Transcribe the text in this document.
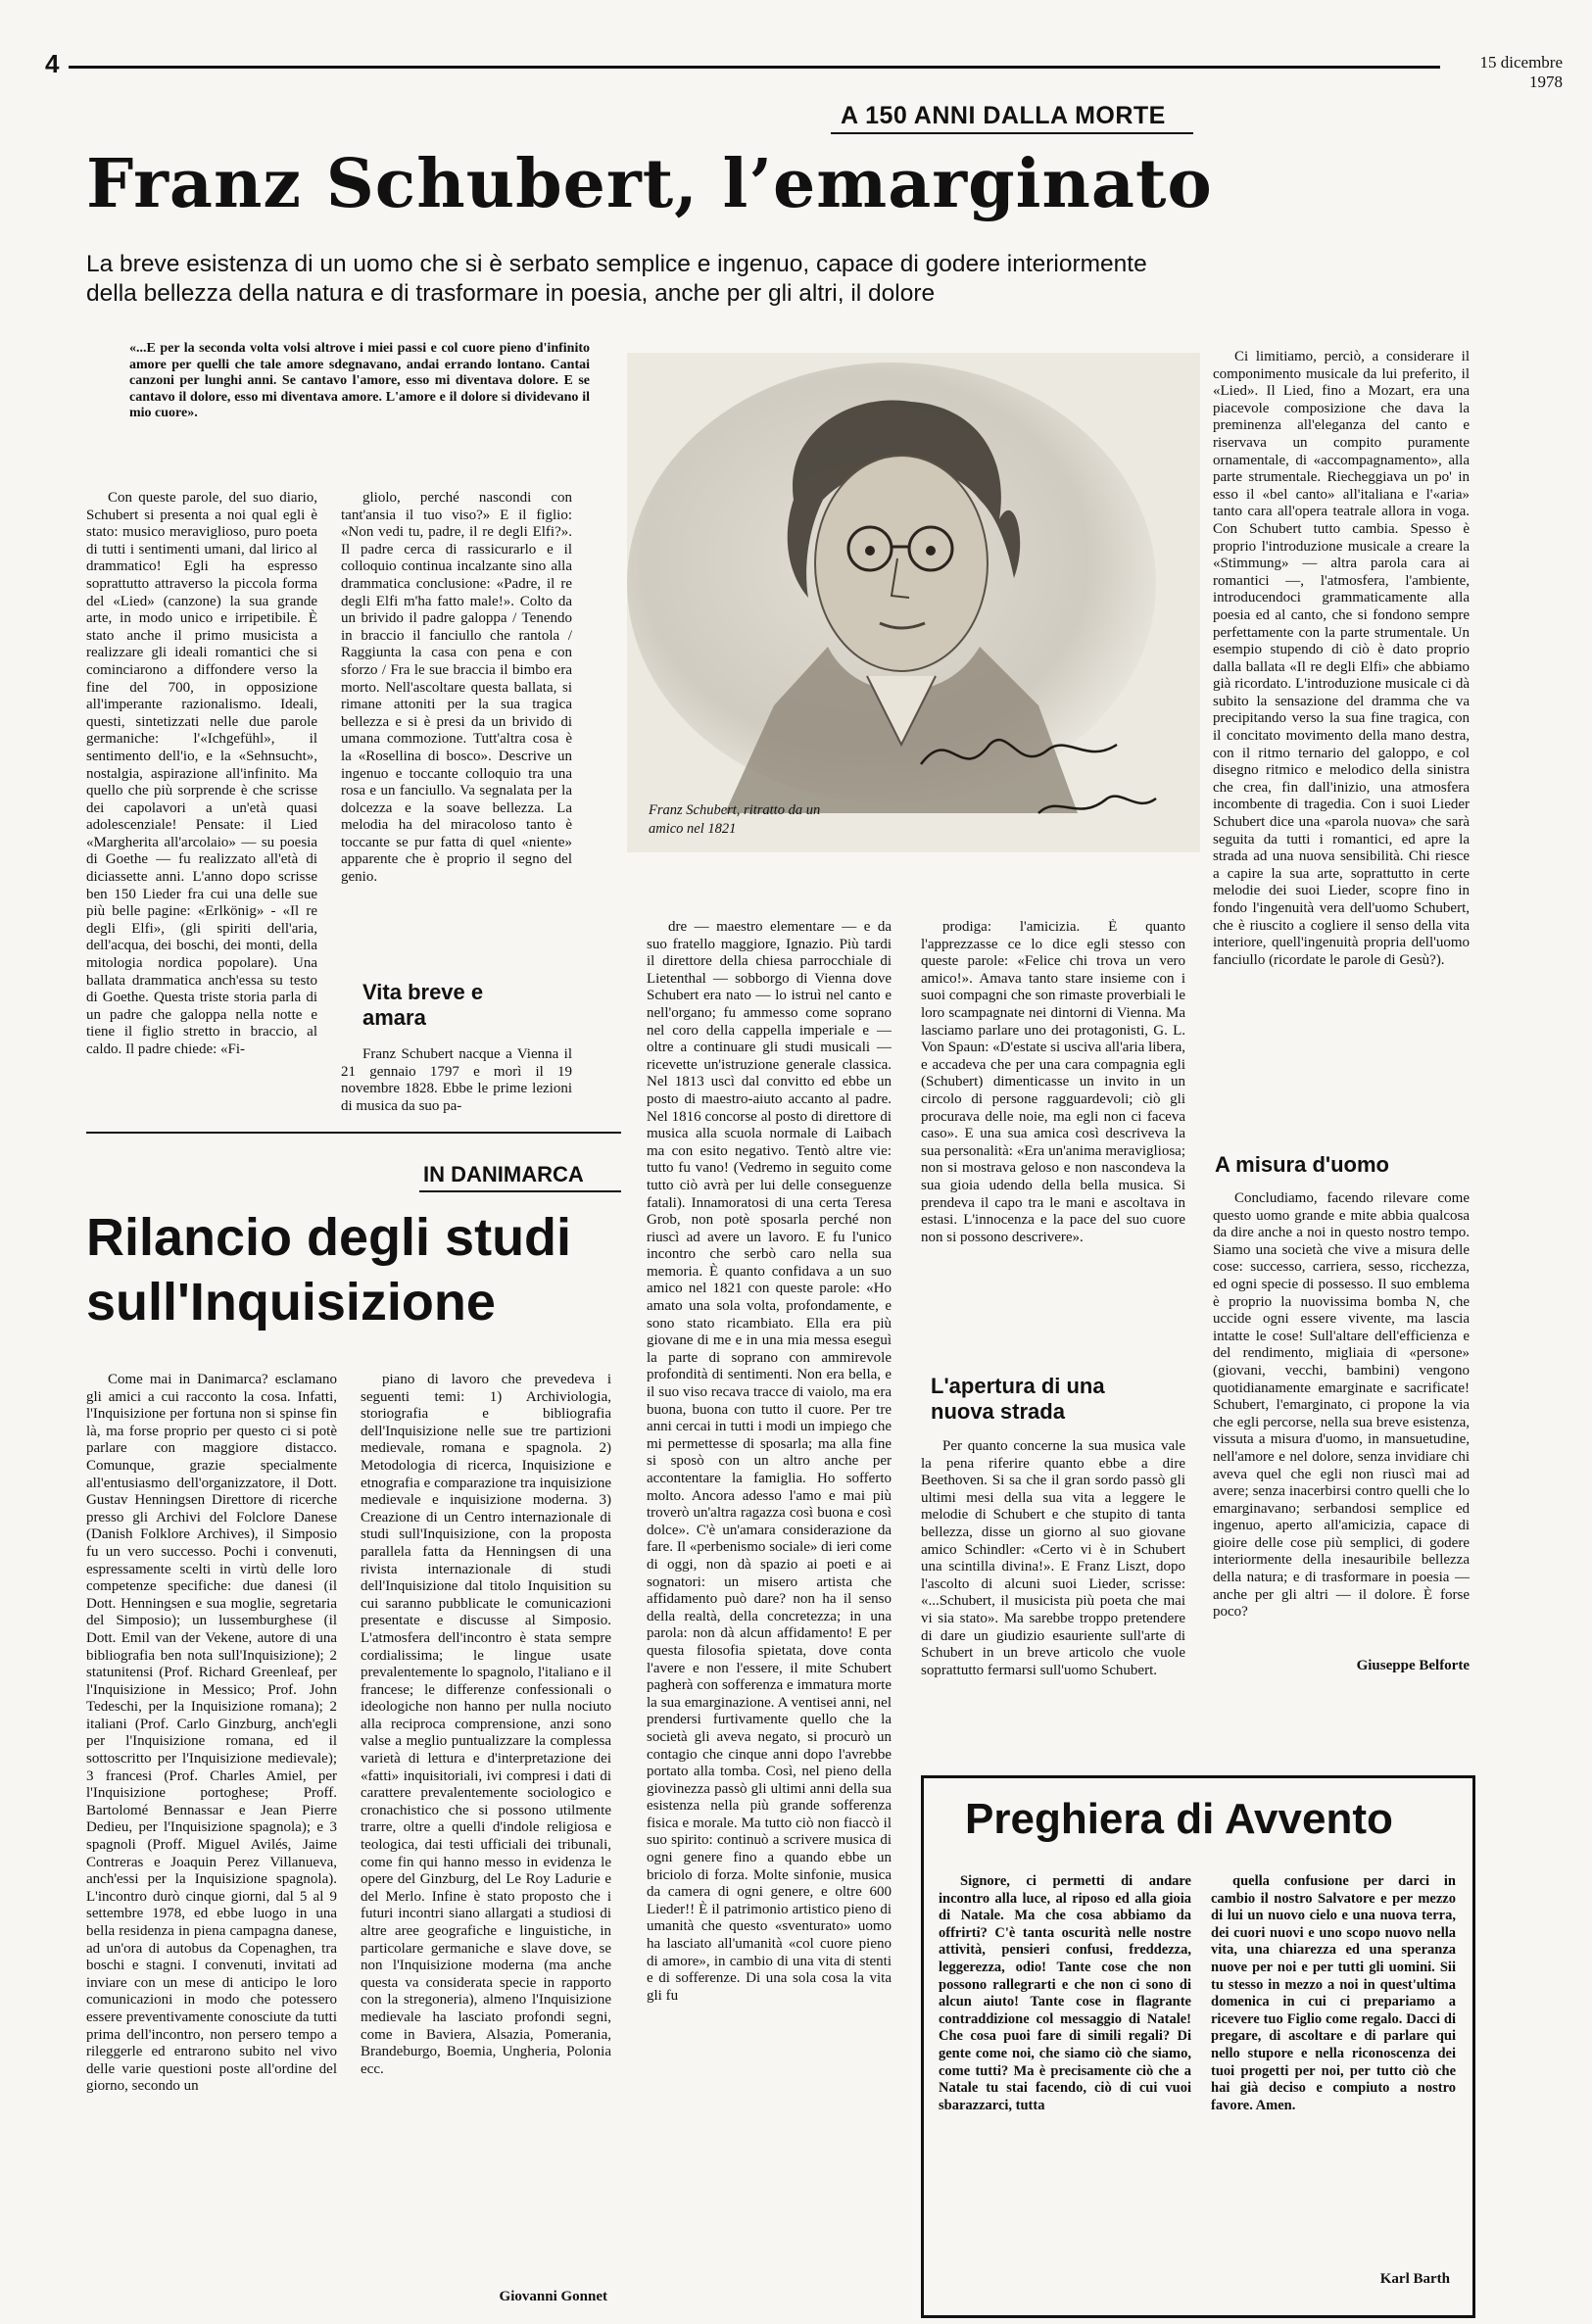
4	15 dicembre 1978
A 150 ANNI DALLA MORTE
Franz Schubert, l’emarginato
La breve esistenza di un uomo che si è serbato semplice e ingenuo, capace di godere interiormente della bellezza della natura e di trasformare in poesia, anche per gli altri, il dolore
«...E per la seconda volta volsi altrove i miei passi e col cuore pieno d'infinito amore per quelli che tale amore sdegnavano, andai errando lontano. Cantai canzoni per lunghi anni. Se cantavo l'amore, esso mi diventava dolore. E se cantavo il dolore, esso mi diventava amore. L'amore e il dolore si dividevano il mio cuore».

Con queste parole, del suo diario, Schubert si presenta a noi qual egli è stato: musico meraviglioso, puro poeta di tutti i sentimenti umani, dal lirico al drammatico! Egli ha espresso soprattutto attraverso la piccola forma del «Lied» (canzone) la sua grande arte, in modo unico e irripetibile. È stato anche il primo musicista a realizzare gli ideali romantici che si cominciarono a diffondere verso la fine del 700, in opposizione all'imperante razionalismo. Ideali, questi, sintetizzati nelle due parole germaniche: l'«Ichgefühl», il sentimento dell'io, e la «Sehnsucht», nostalgia, aspirazione all'infinito. Ma quello che più sorprende è che scrisse dei capolavori a un'età quasi adolescenziale! Pensate: il Lied «Margherita all'arcolaio» — su poesia di Goethe — fu realizzato all'età di diciassette anni. L'anno dopo scrisse ben 150 Lieder fra cui una delle sue più belle pagine: «Erlkönig» - «Il re degli Elfi», (gli spiriti dell'aria, dell'acqua, dei boschi, dei monti, della mitologia nordica popolare). Una ballata drammatica anch'essa su testo di Goethe. Questa triste storia parla di un padre che galoppa nella notte e tiene il figlio stretto in braccio, al caldo. Il padre chiede: «Fi-

gliolo, perché nascondi con tant'ansia il tuo viso?» E il figlio: «Non vedi tu, padre, il re degli Elfi?». Il padre cerca di rassicurarlo e il colloquio continua incalzante sino alla drammatica conclusione: «Padre, il re degli Elfi m'ha fatto male!». Colto da un brivido il padre galoppa / Tenendo in braccio il fanciullo che rantola / Raggiunta la casa con pena e con sforzo / Fra le sue braccia il bimbo era morto. Nell'ascoltare questa ballata, si rimane attoniti per la sua tragica bellezza e si è presi da un brivido di umana commozione. Tutt'altra cosa è la «Rosellina di bosco». Descrive un ingenuo e toccante colloquio tra una rosa e un fanciullo. Va segnalata per la dolcezza e la soave bellezza. La melodia ha del miracoloso tanto è toccante se pur fatta di quel «niente» apparente che è proprio il segno del genio.

Vita breve e amara

Franz Schubert nacque a Vienna il 21 gennaio 1797 e morì il 19 novembre 1828. Ebbe le prime lezioni di musica da suo pa-

Franz Schubert, ritratto da un amico nel 1821

dre — maestro elementare — e da suo fratello maggiore, Ignazio. Più tardi il direttore della chiesa parrocchiale di Lietenthal — sobborgo di Vienna dove Schubert era nato — lo istruì nel canto e nell'organo; fu ammesso come soprano nel coro della cappella imperiale e — oltre a continuare gli studi musicali — ricevette un'istruzione generale classica. Nel 1813 uscì dal convitto ed ebbe un posto di maestro-aiuto accanto al padre. Nel 1816 concorse al posto di direttore di musica alla scuola normale di Laibach ma con esito negativo. Tentò altre vie: tutto fu vano! (Vedremo in seguito come tutto ciò avrà per lui delle conseguenze fatali). Innamoratosi di una certa Teresa Grob, non potè sposarla perché non riuscì ad avere un lavoro. E fu l'unico incontro che serbò caro nella sua memoria. È quanto confidava a un suo amico nel 1821 con queste parole: «Ho amato una sola volta, profondamente, e sono stato ricambiato. Ella era più giovane di me e in una mia messa eseguì la parte di soprano con ammirevole profondità di sentimenti. Non era bella, e il suo viso recava tracce di vaiolo, ma era buona, buona con tutto il cuore. Per tre anni cercai in tutti i modi un impiego che mi permettesse di sposarla; ma alla fine si sposò con un altro anche per accontentare la famiglia. Ho sofferto molto. Ancora adesso l'amo e mai più troverò un'altra ragazza così buona e così dolce». C'è un'amara considerazione da fare. Il «perbenismo sociale» di ieri come di oggi, non dà spazio ai poeti e ai sognatori: un misero artista che affidamento può dare? non ha il senso della realtà, della concretezza; in una parola: non dà alcun affidamento! E per questa filosofia spietata, dove conta l'avere e non l'essere, il mite Schubert pagherà con sofferenza e immatura morte la sua emarginazione. A ventisei anni, nel prendersi furtivamente quello che la società gli aveva negato, si procurò un contagio che cinque anni dopo l'avrebbe portato alla tomba. Così, nel pieno della giovinezza passò gli ultimi anni della sua esistenza nella più grande sofferenza fisica e morale. Ma tutto ciò non fiaccò il suo spirito: continuò a scrivere musica di ogni genere fino a quando ebbe un briciolo di forza. Molte sinfonie, musica da camera di ogni genere, e oltre 600 Lieder!! È il patrimonio artistico pieno di umanità che questo «sventurato» uomo ha lasciato all'umanità «col cuore pieno di amore», in cambio di una vita di stenti e di sofferenze. Di una sola cosa la vita gli fu

prodiga: l'amicizia. È quanto l'apprezzasse ce lo dice egli stesso con queste parole: «Felice chi trova un vero amico!». Amava tanto stare insieme con i suoi compagni che son rimaste proverbiali le loro scampagnate nei dintorni di Vienna. Ma lasciamo parlare uno dei protagonisti, G. L. Von Spaun: «D'estate si usciva all'aria libera, e accadeva che per una cara compagnia egli (Schubert) dimenticasse un invito in un circolo di persone ragguardevoli; ciò gli procurava delle noie, ma egli non ci faceva caso». E una sua amica così descriveva la sua personalità: «Era un'anima meravigliosa; non si mostrava geloso e non nascondeva la sua gioia udendo della bella musica. Si prendeva il capo tra le mani e ascoltava in estasi. L'innocenza e la pace del suo cuore non si possono descrivere».

L'apertura di una nuova strada

Per quanto concerne la sua musica vale la pena riferire quanto ebbe a dire Beethoven. Si sa che il gran sordo passò gli ultimi mesi della sua vita a leggere le melodie di Schubert e che stupito di tanta bellezza, disse un giorno al suo giovane amico Schindler: «Certo vi è in Schubert una scintilla divina!». E Franz Liszt, dopo l'ascolto di alcuni suoi Lieder, scrisse: «...Schubert, il musicista più poeta che mai vi sia stato». Ma sarebbe troppo pretendere di dare un giudizio esauriente sull'arte di Schubert in un breve articolo che vuole soprattutto fermarsi sull'uomo Schubert.

Ci limitiamo, perciò, a considerare il componimento musicale da lui preferito, il «Lied». Il Lied, fino a Mozart, era una piacevole composizione che dava la preminenza all'eleganza del canto e riservava un compito puramente ornamentale, di «accompagnamento», alla parte strumentale. Riecheggiava un po' in esso il «bel canto» all'italiana e l'«aria» tanto cara all'opera teatrale allora in voga. Con Schubert tutto cambia. Spesso è proprio l'introduzione musicale a creare la «Stimmung» — altra parola cara ai romantici —, l'atmosfera, l'ambiente, introducendoci grammaticamente alla poesia ed al canto, che si fondono sempre perfettamente con la parte strumentale. Un esempio stupendo di ciò è dato proprio dalla ballata «Il re degli Elfi» che abbiamo già ricordato. L'introduzione musicale ci dà subito la sensazione del dramma che va precipitando verso la sua fine tragica, con il concitato movimento della mano destra, con il ritmo ternario del galoppo, e col disegno ritmico e melodico della sinistra che crea, fin dall'inizio, una atmosfera incombente di tragedia. Con i suoi Lieder Schubert dice una «parola nuova» che sarà seguita da tutti i romantici, ed apre la strada ad una nuova sensibilità. Chi riesce a capire la sua arte, soprattutto in certe melodie dei suoi Lieder, scopre fino in fondo l'ingenuità vera dell'uomo Schubert, che è riuscito a cogliere il senso della vita interiore, quell'ingenuità propria dell'uomo fanciullo (ricordate le parole di Gesù?).

A misura d'uomo

Concludiamo, facendo rilevare come questo uomo grande e mite abbia qualcosa da dire anche a noi in questo nostro tempo. Siamo una società che vive a misura delle cose: successo, carriera, sesso, ricchezza, ed ogni specie di possesso. Il suo emblema è proprio la nuovissima bomba N, che uccide ogni essere vivente, ma lascia intatte le cose! Sull'altare dell'efficienza e del rendimento, migliaia di «persone» (giovani, vecchi, bambini) vengono quotidianamente emarginate e sacrificate! Schubert, l'emarginato, ci propone la via che egli percorse, nella sua breve esistenza, vissuta a misura d'uomo, in mansuetudine, nell'amore e nel dolore, senza invidiare chi aveva quel che egli non riuscì mai ad avere; senza inacerbirsi contro quelli che lo emarginavano; serbandosi semplice ed ingenuo, aperto all'amicizia, capace di gioire delle cose più semplici, di godere interiormente della inesauribile bellezza della natura; e di trasformare in poesia — anche per gli altri — il dolore. È forse poco?

Giuseppe Belforte
IN DANIMARCA
Rilancio degli studi sull'Inquisizione

Come mai in Danimarca? esclamano gli amici a cui racconto la cosa. Infatti, l'Inquisizione per fortuna non si spinse fin là, ma forse proprio per questo ci si potè parlare con maggiore distacco. Comunque, grazie specialmente all'entusiasmo dell'organizzatore, il Dott. Gustav Henningsen Direttore di ricerche presso gli Archivi del Folclore Danese (Danish Folklore Archives), il Simposio fu un vero successo. Pochi i convenuti, espressamente scelti in virtù delle loro competenze specifiche: due danesi (il Dott. Henningsen e sua moglie, segretaria del Simposio); un lussemburghese (il Dott. Emil van der Vekene, autore di una bibliografia ben nota sull'Inquisizione); 2 statunitensi (Prof. Richard Greenleaf, per l'Inquisizione in Messico; Prof. John Tedeschi, per la Inquisizione romana); 2 italiani (Prof. Carlo Ginzburg, anch'egli per l'Inquisizione romana, ed il sottoscritto per l'Inquisizione medievale); 3 francesi (Prof. Charles Amiel, per l'Inquisizione portoghese; Proff. Bartolomé Bennassar e Jean Pierre Dedieu, per l'Inquisizione spagnola); e 3 spagnoli (Proff. Miguel Avilés, Jaime Contreras e Joaquin Perez Villanueva, anch'essi per la Inquisizione spagnola). L'incontro durò cinque giorni, dal 5 al 9 settembre 1978, ed ebbe luogo in una bella residenza in piena campagna danese, ad un'ora di autobus da Copenaghen, tra boschi e stagni. I convenuti, invitati ad inviare con un mese di anticipo le loro comunicazioni in modo che potessero essere preventivamente conosciute da tutti prima dell'incontro, non persero tempo a rileggerle ed entrarono subito nel vivo delle varie questioni poste all'ordine del giorno, secondo un

piano di lavoro che prevedeva i seguenti temi: 1) Archiviologia, storiografia e bibliografia dell'Inquisizione nelle sue tre partizioni medievale, romana e spagnola. 2) Metodologia di ricerca, Inquisizione e etnografia e comparazione tra inquisizione medievale e inquisizione moderna. 3) Creazione di un Centro internazionale di studi sull'Inquisizione, con la proposta parallela fatta da Henningsen di una rivista internazionale di studi dell'Inquisizione dal titolo Inquisition su cui saranno pubblicate le comunicazioni presentate e discusse al Simposio. L'atmosfera dell'incontro è stata sempre cordialissima; le lingue usate prevalentemente lo spagnolo, l'italiano e il francese; le differenze confessionali o ideologiche non hanno per nulla nociuto alla reciproca comprensione, anzi sono valse a meglio puntualizzare la complessa varietà di lettura e d'interpretazione dei «fatti» inquisitoriali, ivi compresi i dati di carattere prevalentemente sociologico e cronachistico che si possono utilmente trarre, oltre a quelli d'indole religiosa e teologica, dai testi ufficiali dei tribunali, come fin qui hanno messo in evidenza le opere del Ginzburg, del Le Roy Ladurie e del Merlo. Infine è stato proposto che i futuri incontri siano allargati a studiosi di altre aree geografiche e linguistiche, in particolare germaniche e slave dove, se non l'Inquisizione moderna (ma anche questa va considerata specie in rapporto con la stregoneria), almeno l'Inquisizione medievale ha lasciato profondi segni, come in Baviera, Alsazia, Pomerania, Brandeburgo, Boemia, Ungheria, Polonia ecc.

Giovanni Gonnet
Preghiera di Avvento

Signore, ci permetti di andare incontro alla luce, al riposo ed alla gioia di Natale. Ma che cosa abbiamo da offrirti? C'è tanta oscurità nelle nostre attività, pensieri confusi, freddezza, leggerezza, odio! Tante cose che non possono rallegrarti e che non ci sono di alcun aiuto! Tante cose in flagrante contraddizione col messaggio di Natale! Che cosa puoi fare di simili regali? Di gente come noi, che siamo ciò che siamo, come tutti? Ma è precisamente ciò che a Natale tu stai facendo, ciò di cui vuoi sbarazzarci, tutta

quella confusione per darci in cambio il nostro Salvatore e per mezzo di lui un nuovo cielo e una nuova terra, dei cuori nuovi e uno scopo nuovo nella vita, una chiarezza ed una speranza nuove per noi e per tutti gli uomini. Sii tu stesso in mezzo a noi in quest'ultima domenica in cui ci prepariamo a ricevere tuo Figlio come regalo. Dacci di pregare, di ascoltare e di parlare qui nello stupore e nella riconoscenza dei tuoi progetti per noi, per tutto ciò che hai già deciso e compiuto a nostro favore. Amen.

Karl Barth
